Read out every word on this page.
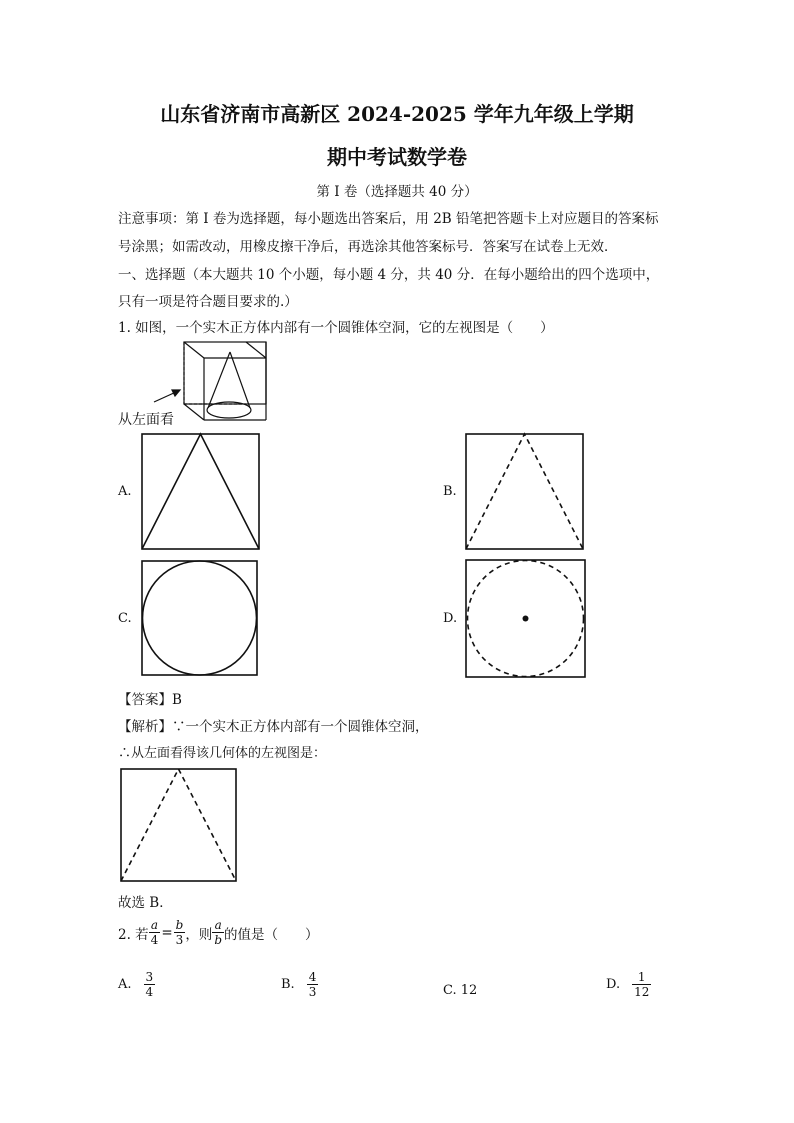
山东省济南市高新区 2024-2025 学年九年级上学期
期中考试数学卷
第 I 卷（选择题共 40 分）
注意事项：第 I 卷为选择题，每小题选出答案后，用 2B 铅笔把答题卡上对应题目的答案标
号涂黑；如需改动，用橡皮擦干净后，再选涂其他答案标号．答案写在试卷上无效．
一、选择题（本大题共 10 个小题，每小题 4 分，共 40 分．在每小题给出的四个选项中，
只有一项是符合题目要求的.）
1. 如图，一个实木正方体内部有一个圆锥体空洞，它的左视图是（　　）
从左面看
A.	B.
C.	D.
【答案】B
【解析】∵一个实木正方体内部有一个圆锥体空洞，
∴从左面看得该几何体的左视图是：
故选 B．
2. 若 $\frac{a}{4} = \frac{b}{3}$ ，则 $\frac{a}{b}$ 的值是（　　）
A. $\frac{3}{4}$	B. $\frac{4}{3}$	C. 12	D. $\frac{1}{12}$
